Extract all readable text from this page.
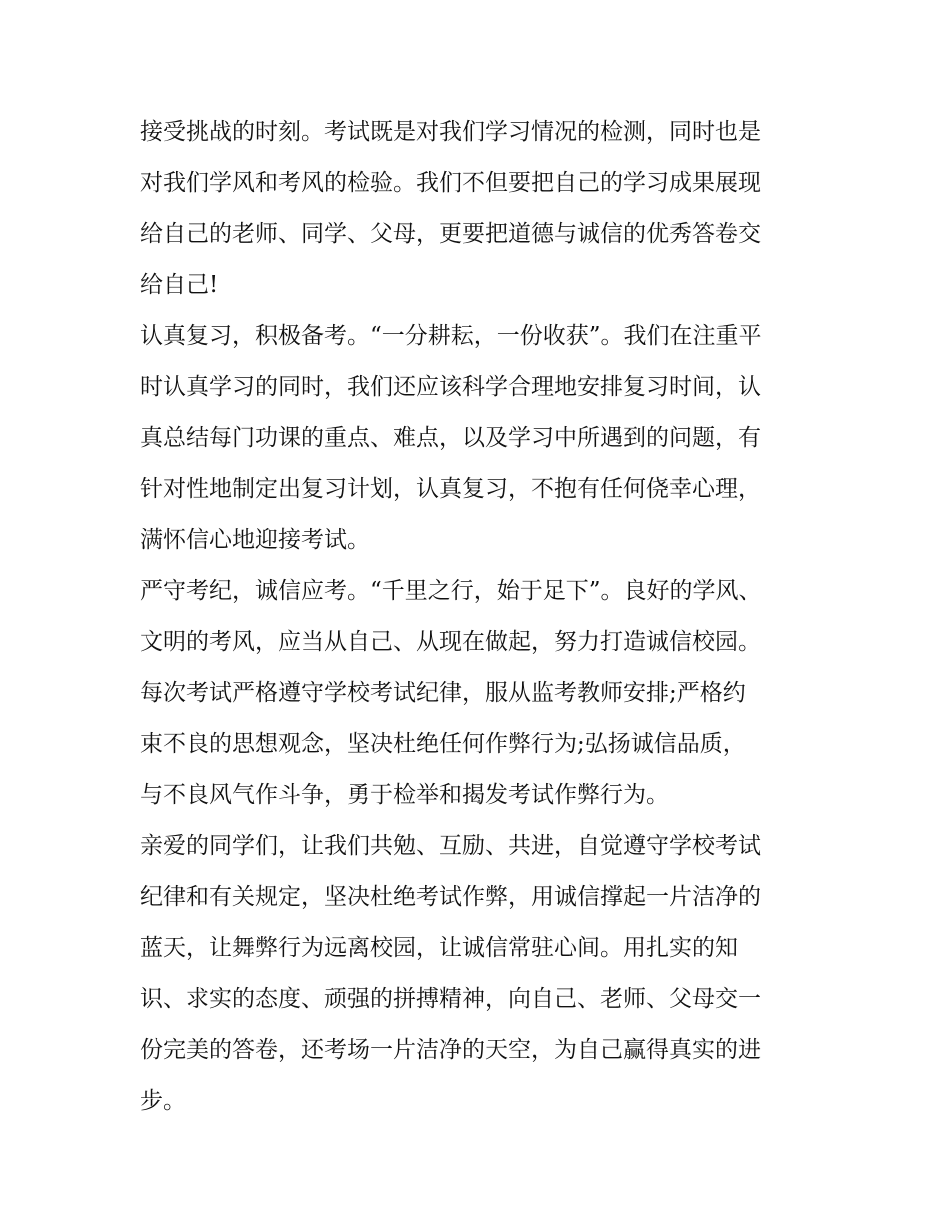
接受挑战的时刻。考试既是对我们学习情况的检测，同时也是
对我们学风和考风的检验。我们不但要把自己的学习成果展现
给自己的老师、同学、父母，更要把道德与诚信的优秀答卷交
给自己!
认真复习，积极备考。“一分耕耘，一份收获”。我们在注重平
时认真学习的同时，我们还应该科学合理地安排复习时间，认
真总结每门功课的重点、难点，以及学习中所遇到的问题，有
针对性地制定出复习计划，认真复习，不抱有任何侥幸心理，
满怀信心地迎接考试。
严守考纪，诚信应考。“千里之行，始于足下”。良好的学风、
文明的考风，应当从自己、从现在做起，努力打造诚信校园。
每次考试严格遵守学校考试纪律，服从监考教师安排;严格约
束不良的思想观念，坚决杜绝任何作弊行为;弘扬诚信品质，
与不良风气作斗争，勇于检举和揭发考试作弊行为。
亲爱的同学们，让我们共勉、互励、共进，自觉遵守学校考试
纪律和有关规定，坚决杜绝考试作弊，用诚信撑起一片洁净的
蓝天，让舞弊行为远离校园，让诚信常驻心间。用扎实的知
识、求实的态度、顽强的拼搏精神，向自己、老师、父母交一
份完美的答卷，还考场一片洁净的天空，为自己赢得真实的进
步。
